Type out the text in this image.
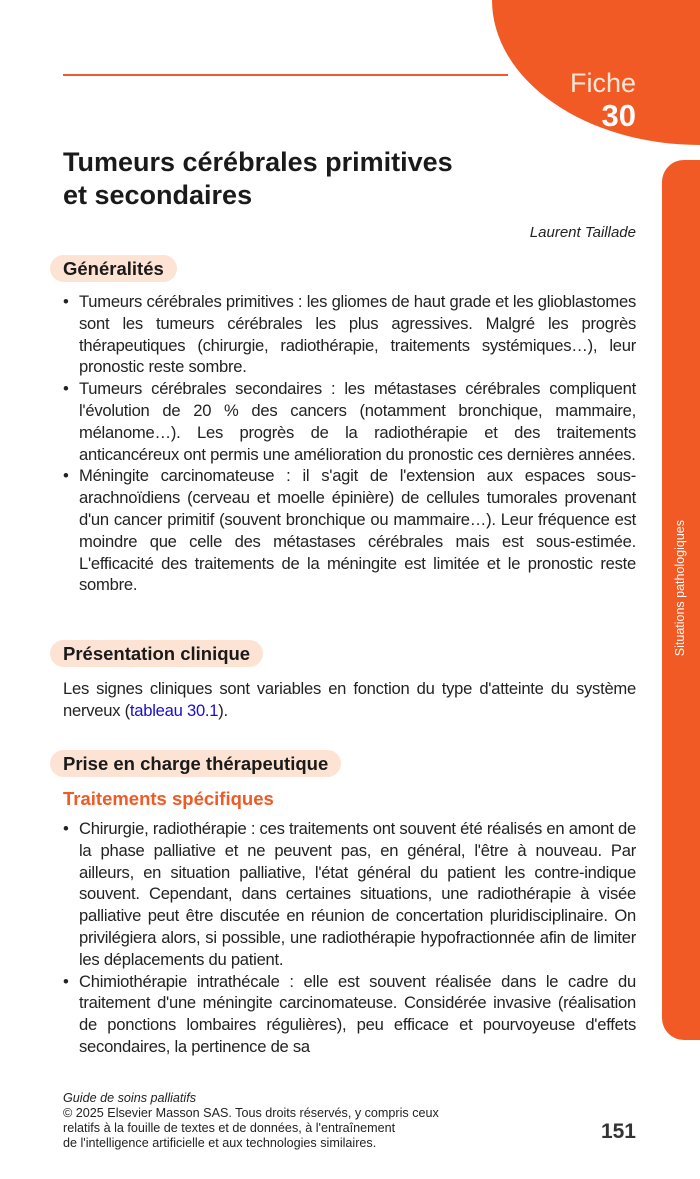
Fiche
30
Situations pathologiques
Tumeurs cérébrales primitives
et secondaires
Laurent Taillade
Généralités
• Tumeurs cérébrales primitives : les gliomes de haut grade et les glioblastomes sont les tumeurs cérébrales les plus agressives. Malgré les progrès thérapeutiques (chirurgie, radiothérapie, traitements systémiques…), leur pronostic reste sombre.
• Tumeurs cérébrales secondaires : les métastases cérébrales compliquent l'évolution de 20 % des cancers (notamment bronchique, mammaire, mélanome…). Les progrès de la radiothérapie et des traitements anticancéreux ont permis une amélioration du pronostic ces dernières années.
• Méningite carcinomateuse : il s'agit de l'extension aux espaces sous-arachnoïdiens (cerveau et moelle épinière) de cellules tumorales provenant d'un cancer primitif (souvent bronchique ou mammaire…). Leur fréquence est moindre que celle des métastases cérébrales mais est sous-estimée. L'efficacité des traitements de la méningite est limitée et le pronostic reste sombre.
Présentation clinique
Les signes cliniques sont variables en fonction du type d'atteinte du système nerveux (tableau 30.1).
Prise en charge thérapeutique
Traitements spécifiques
• Chirurgie, radiothérapie : ces traitements ont souvent été réalisés en amont de la phase palliative et ne peuvent pas, en général, l'être à nouveau. Par ailleurs, en situation palliative, l'état général du patient les contre-indique souvent. Cependant, dans certaines situations, une radiothérapie à visée palliative peut être discutée en réunion de concertation pluridisciplinaire. On privilégiera alors, si possible, une radiothérapie hypofractionnée afin de limiter les déplacements du patient.
• Chimiothérapie intrathécale : elle est souvent réalisée dans le cadre du traitement d'une méningite carcinomateuse. Considérée invasive (réalisation de ponctions lombaires régulières), peu efficace et pourvoyeuse d'effets secondaires, la pertinence de sa
Guide de soins palliatifs
© 2025 Elsevier Masson SAS. Tous droits réservés, y compris ceux
relatifs à la fouille de textes et de données, à l'entraînement
de l'intelligence artificielle et aux technologies similaires.	151
